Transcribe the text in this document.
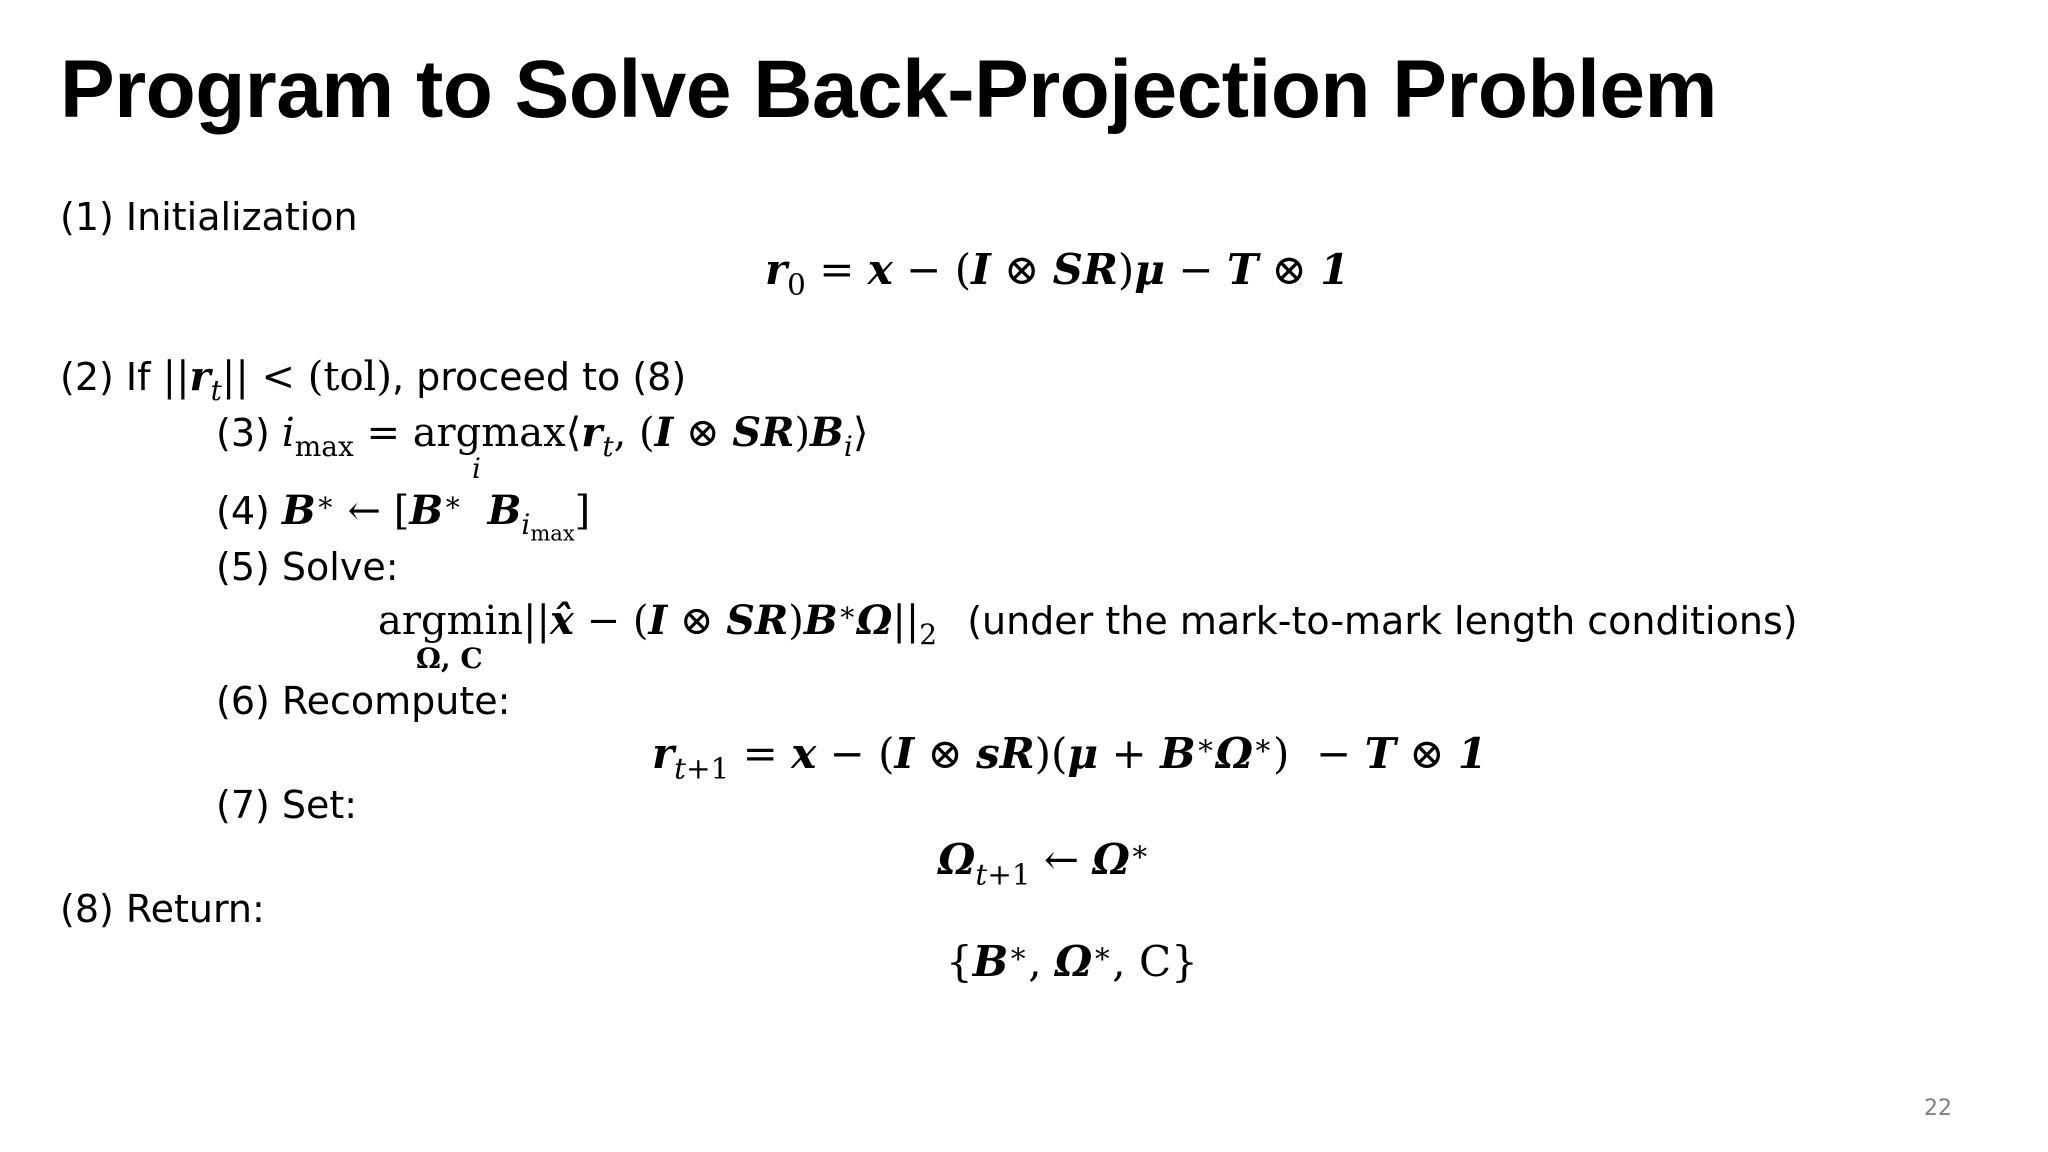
Program to Solve Back-Projection Problem
(1) Initialization
$r_0 = x - (I$ ⊗ SR)μ − T ⊗ 1
(2) If $||r_t|| < (tol)$, proceed to (8)
(3) $i_{max}$ = $argmax⟨r_t$, (I ⊗ $SR)B_i⟩$
i
(4) B∗ ← [B∗ $B_{i_{max}}$]
(5) Solve:
argmin||x̂ − (I ⊗ $SR)B^∗\Omega||_2$ (under the mark-to-mark length conditions)
Ω, C
(6) Recompute:
$r_{t+1} = x - (I$ ⊗ sR)(μ + B∗Ω∗)  − T ⊗ 1
(7) Set:
$\Omega_{t+1}$ ← Ω∗
(8) Return:
{B∗, Ω∗, C}
22
